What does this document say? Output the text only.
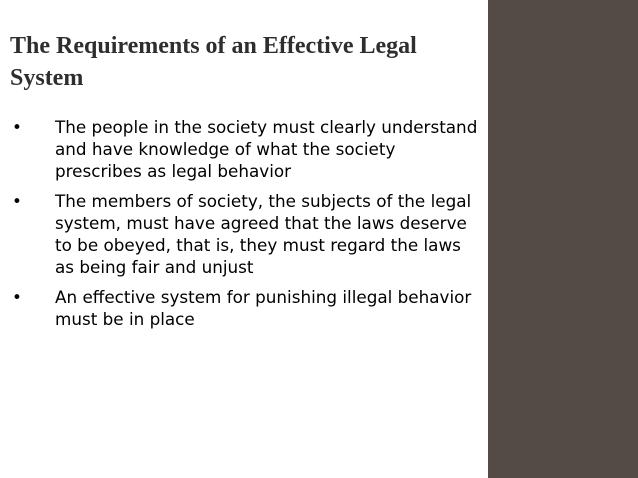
The Requirements of an Effective Legal System
•	The people in the society must clearly understand and have knowledge of what the society prescribes as legal behavior
•	The members of society, the subjects of the legal system, must have agreed that the laws deserve to be obeyed, that is, they must regard the laws as being fair and unjust
•	An effective system for punishing illegal behavior must be in place
